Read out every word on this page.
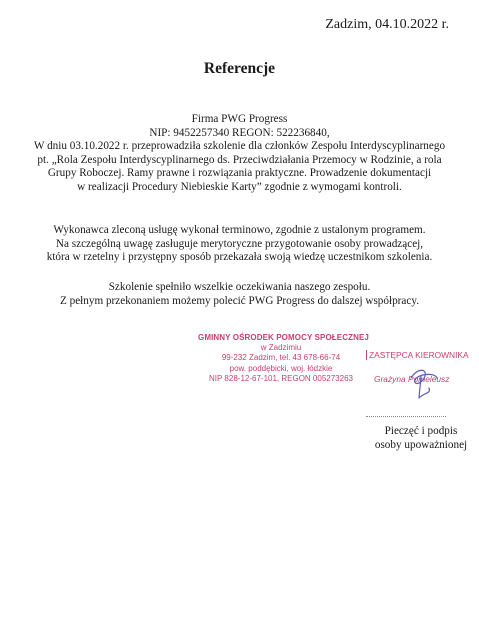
Zadzim, 04.10.2022 r.
Referencje
Firma PWG Progress
NIP: 9452257340 REGON: 522236840,
W dniu 03.10.2022 r. przeprowadziła szkolenie dla członków Zespołu Interdyscyplinarnego
pt. „Rola Zespołu Interdyscyplinarnego ds. Przeciwdziałania Przemocy w Rodzinie, a rola
Grupy Roboczej. Ramy prawne i rozwiązania praktyczne. Prowadzenie dokumentacji
w realizacji Procedury Niebieskie Karty” zgodnie z wymogami kontroli.
Wykonawca zleconą usługę wykonał terminowo, zgodnie z ustalonym programem.
Na szczególną uwagę zasługuje merytoryczne przygotowanie osoby prowadzącej,
która w rzetelny i przystępny sposób przekazała swoją wiedzę uczestnikom szkolenia.
Szkolenie spełniło wszelkie oczekiwania naszego zespołu.
Z pełnym przekonaniem możemy polecić PWG Progress do dalszej współpracy.
GMINNY OŚRODEK POMOCY SPOŁECZNEJ
w Zadzimiu
99-232 Zadzim, tel. 43 678-66-74
pow. poddębicki, woj. łódzkie
NIP 828-12-67-101, REGON 005273263
ZASTĘPCA KIEROWNIKA
Grażyna Pomeleusz
Pieczęć i podpis
osoby upoważnionej
